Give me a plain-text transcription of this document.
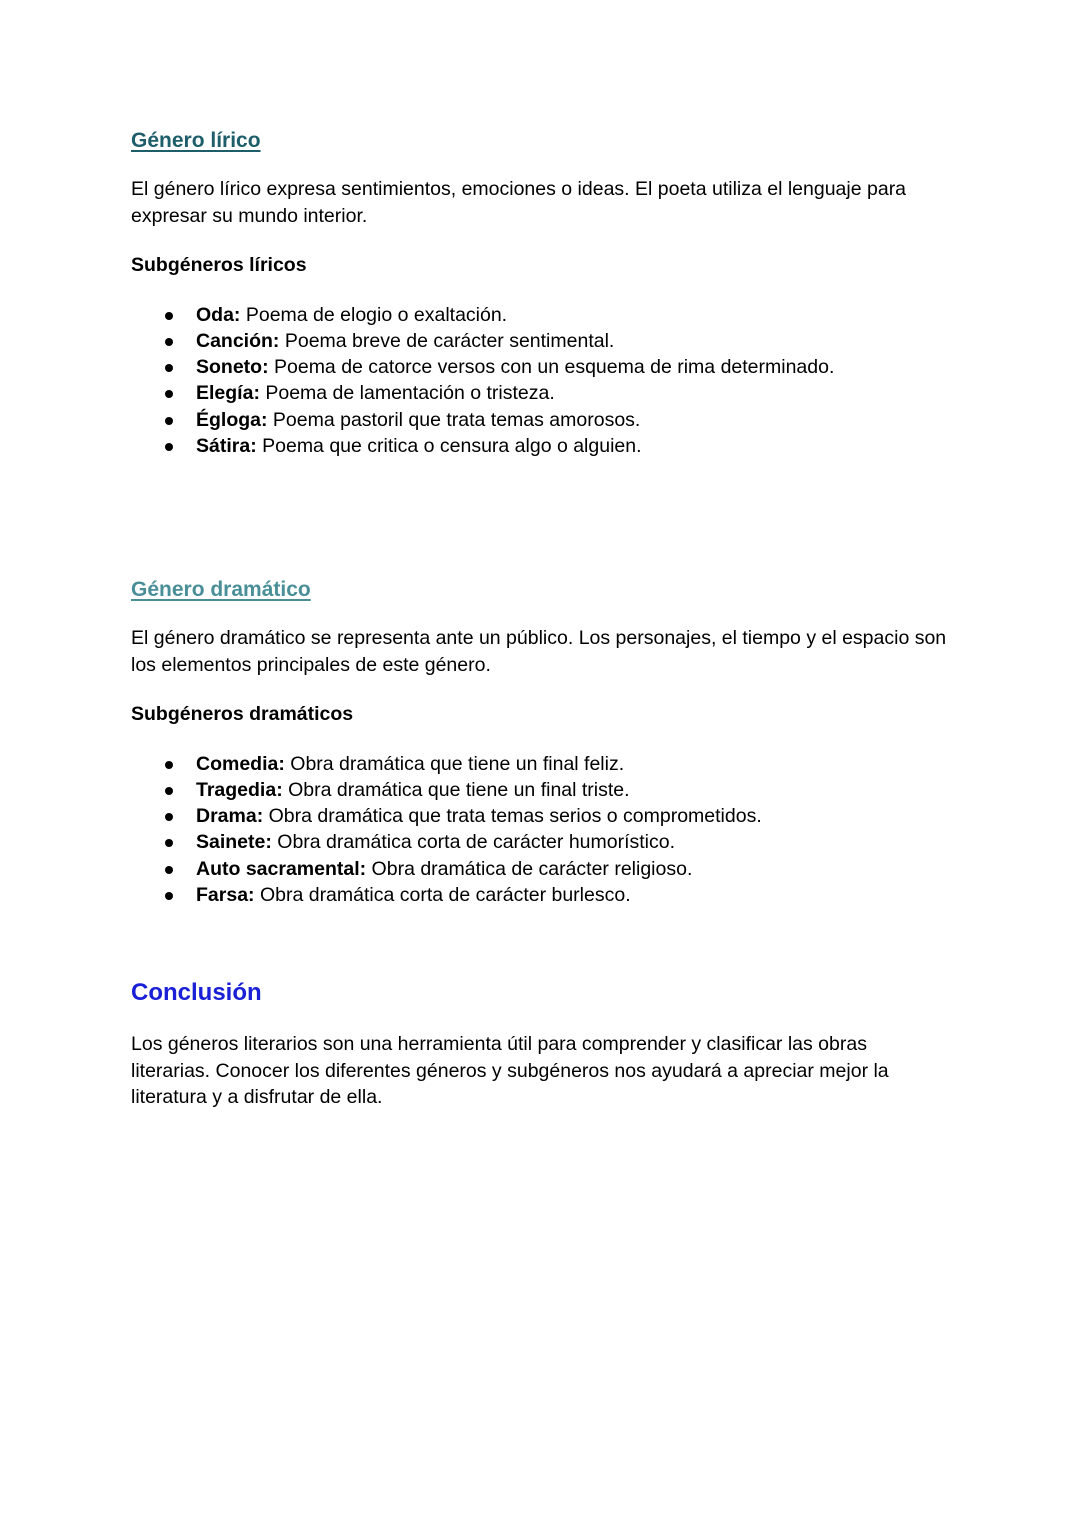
Género lírico

El género lírico expresa sentimientos, emociones o ideas. El poeta utiliza el lenguaje para expresar su mundo interior.

Subgéneros líricos

Oda: Poema de elogio o exaltación.
Canción: Poema breve de carácter sentimental.
Soneto: Poema de catorce versos con un esquema de rima determinado.
Elegía: Poema de lamentación o tristeza.
Égloga: Poema pastoril que trata temas amorosos.
Sátira: Poema que critica o censura algo o alguien.
Género dramático

El género dramático se representa ante un público. Los personajes, el tiempo y el espacio son los elementos principales de este género.

Subgéneros dramáticos

Comedia: Obra dramática que tiene un final feliz.
Tragedia: Obra dramática que tiene un final triste.
Drama: Obra dramática que trata temas serios o comprometidos.
Sainete: Obra dramática corta de carácter humorístico.
Auto sacramental: Obra dramática de carácter religioso.
Farsa: Obra dramática corta de carácter burlesco.
Conclusión

Los géneros literarios son una herramienta útil para comprender y clasificar las obras literarias. Conocer los diferentes géneros y subgéneros nos ayudará a apreciar mejor la literatura y a disfrutar de ella.
